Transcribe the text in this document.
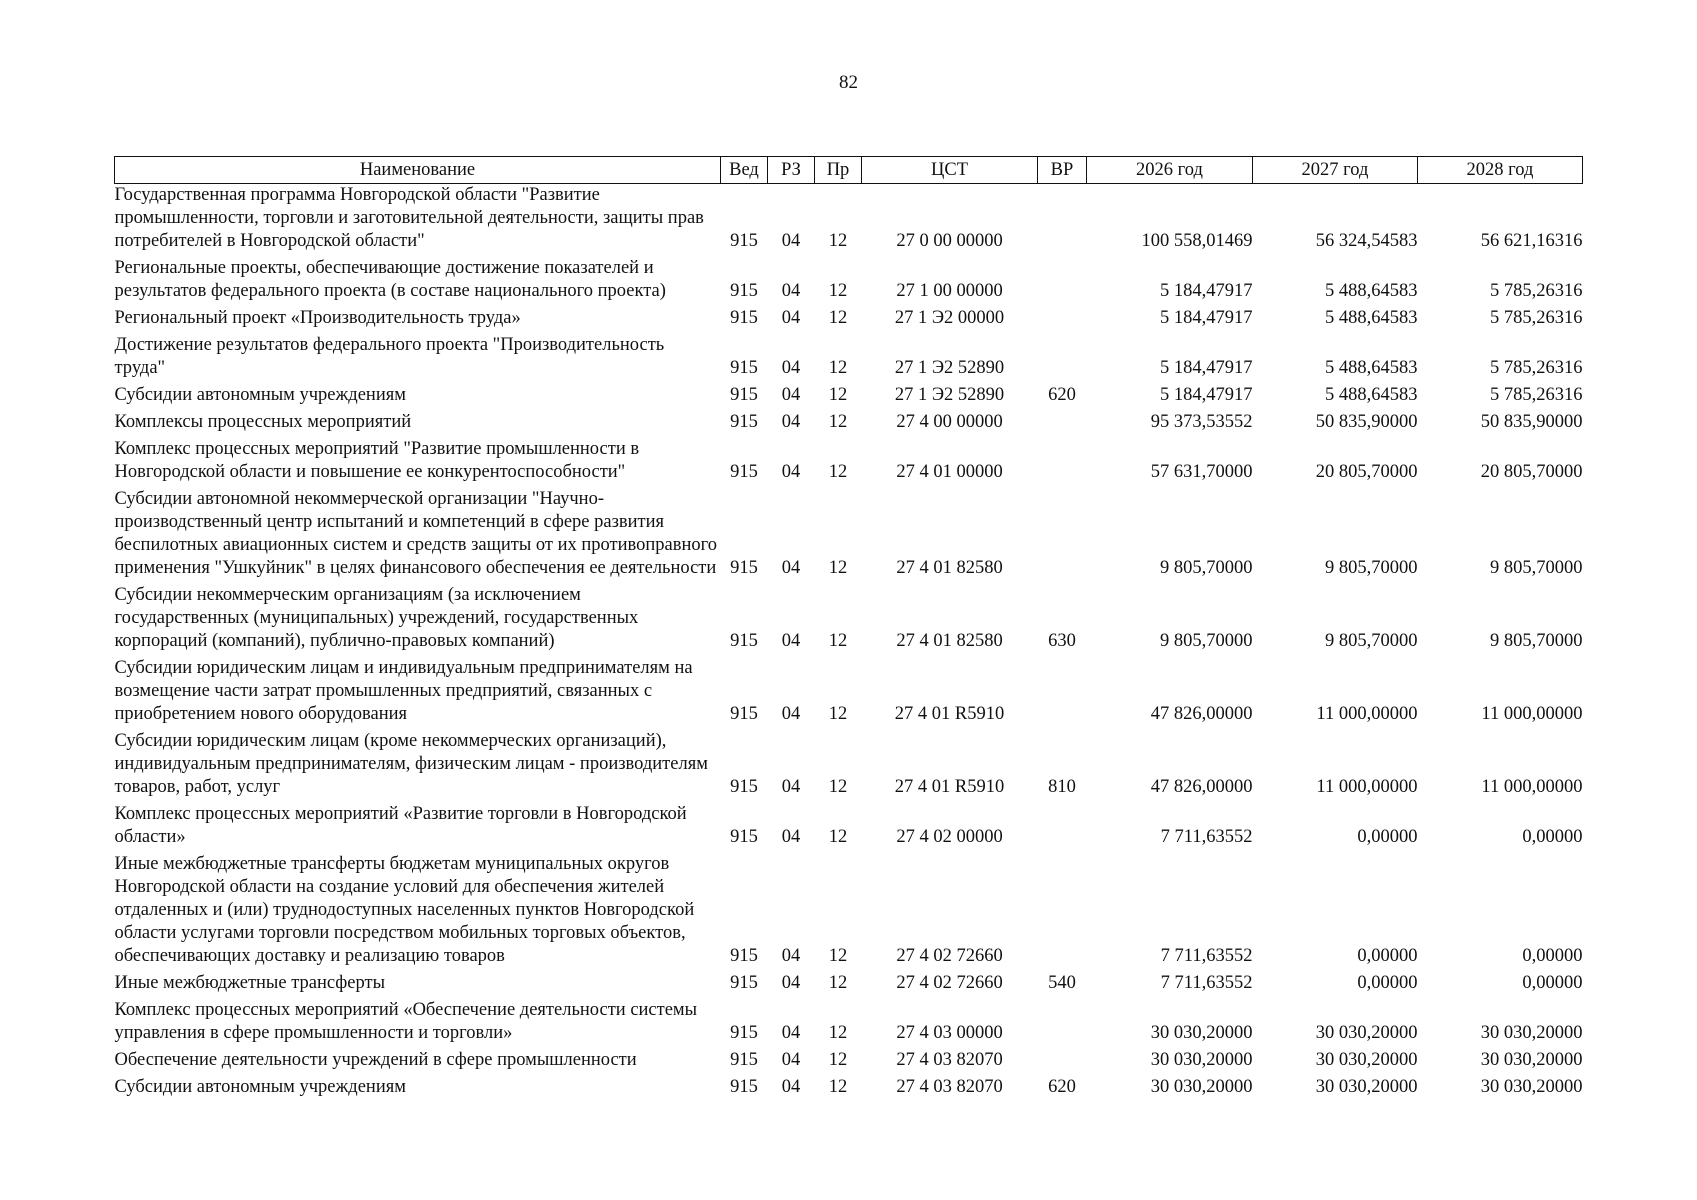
82
Наименование	Вед	РЗ	Пр	ЦСТ	ВР	2026 год	2027 год	2028 год
Государственная программа Новгородской области "Развитие промышленности, торговли и заготовительной деятельности, защиты прав потребителей в Новгородской области"	915	04	12	27 0 00 00000		100 558,01469	56 324,54583	56 621,16316
Региональные проекты, обеспечивающие достижение показателей и результатов федерального проекта (в составе национального проекта)	915	04	12	27 1 00 00000		5 184,47917	5 488,64583	5 785,26316
Региональный проект «Производительность труда»	915	04	12	27 1 Э2 00000		5 184,47917	5 488,64583	5 785,26316
Достижение результатов федерального проекта "Производительность труда"	915	04	12	27 1 Э2 52890		5 184,47917	5 488,64583	5 785,26316
Субсидии автономным учреждениям	915	04	12	27 1 Э2 52890	620	5 184,47917	5 488,64583	5 785,26316
Комплексы процессных мероприятий	915	04	12	27 4 00 00000		95 373,53552	50 835,90000	50 835,90000
Комплекс процессных мероприятий "Развитие промышленности в Новгородской области и повышение ее конкурентоспособности"	915	04	12	27 4 01 00000		57 631,70000	20 805,70000	20 805,70000
Субсидии автономной некоммерческой организации "Научно-производственный центр испытаний и компетенций в сфере развития беспилотных авиационных систем и средств защиты от их противоправного применения "Ушкуйник" в целях финансового обеспечения ее деятельности	915	04	12	27 4 01 82580		9 805,70000	9 805,70000	9 805,70000
Субсидии некоммерческим организациям (за исключением государственных (муниципальных) учреждений, государственных корпораций (компаний), публично-правовых компаний)	915	04	12	27 4 01 82580	630	9 805,70000	9 805,70000	9 805,70000
Субсидии юридическим лицам и индивидуальным предпринимателям на возмещение части затрат промышленных предприятий, связанных с приобретением нового оборудования	915	04	12	27 4 01 R5910		47 826,00000	11 000,00000	11 000,00000
Субсидии юридическим лицам (кроме некоммерческих организаций), индивидуальным предпринимателям, физическим лицам - производителям товаров, работ, услуг	915	04	12	27 4 01 R5910	810	47 826,00000	11 000,00000	11 000,00000
Комплекс процессных мероприятий «Развитие торговли в Новгородской области»	915	04	12	27 4 02 00000		7 711,63552	0,00000	0,00000
Иные межбюджетные трансферты бюджетам муниципальных округов Новгородской области на создание условий для обеспечения жителей отдаленных и (или) труднодоступных населенных пунктов Новгородской области услугами торговли посредством мобильных торговых объектов, обеспечивающих доставку и реализацию товаров	915	04	12	27 4 02 72660		7 711,63552	0,00000	0,00000
Иные межбюджетные трансферты	915	04	12	27 4 02 72660	540	7 711,63552	0,00000	0,00000
Комплекс процессных мероприятий «Обеспечение деятельности системы управления в сфере промышленности и торговли»	915	04	12	27 4 03 00000		30 030,20000	30 030,20000	30 030,20000
Обеспечение деятельности учреждений в сфере промышленности	915	04	12	27 4 03 82070		30 030,20000	30 030,20000	30 030,20000
Субсидии автономным учреждениям	915	04	12	27 4 03 82070	620	30 030,20000	30 030,20000	30 030,20000
